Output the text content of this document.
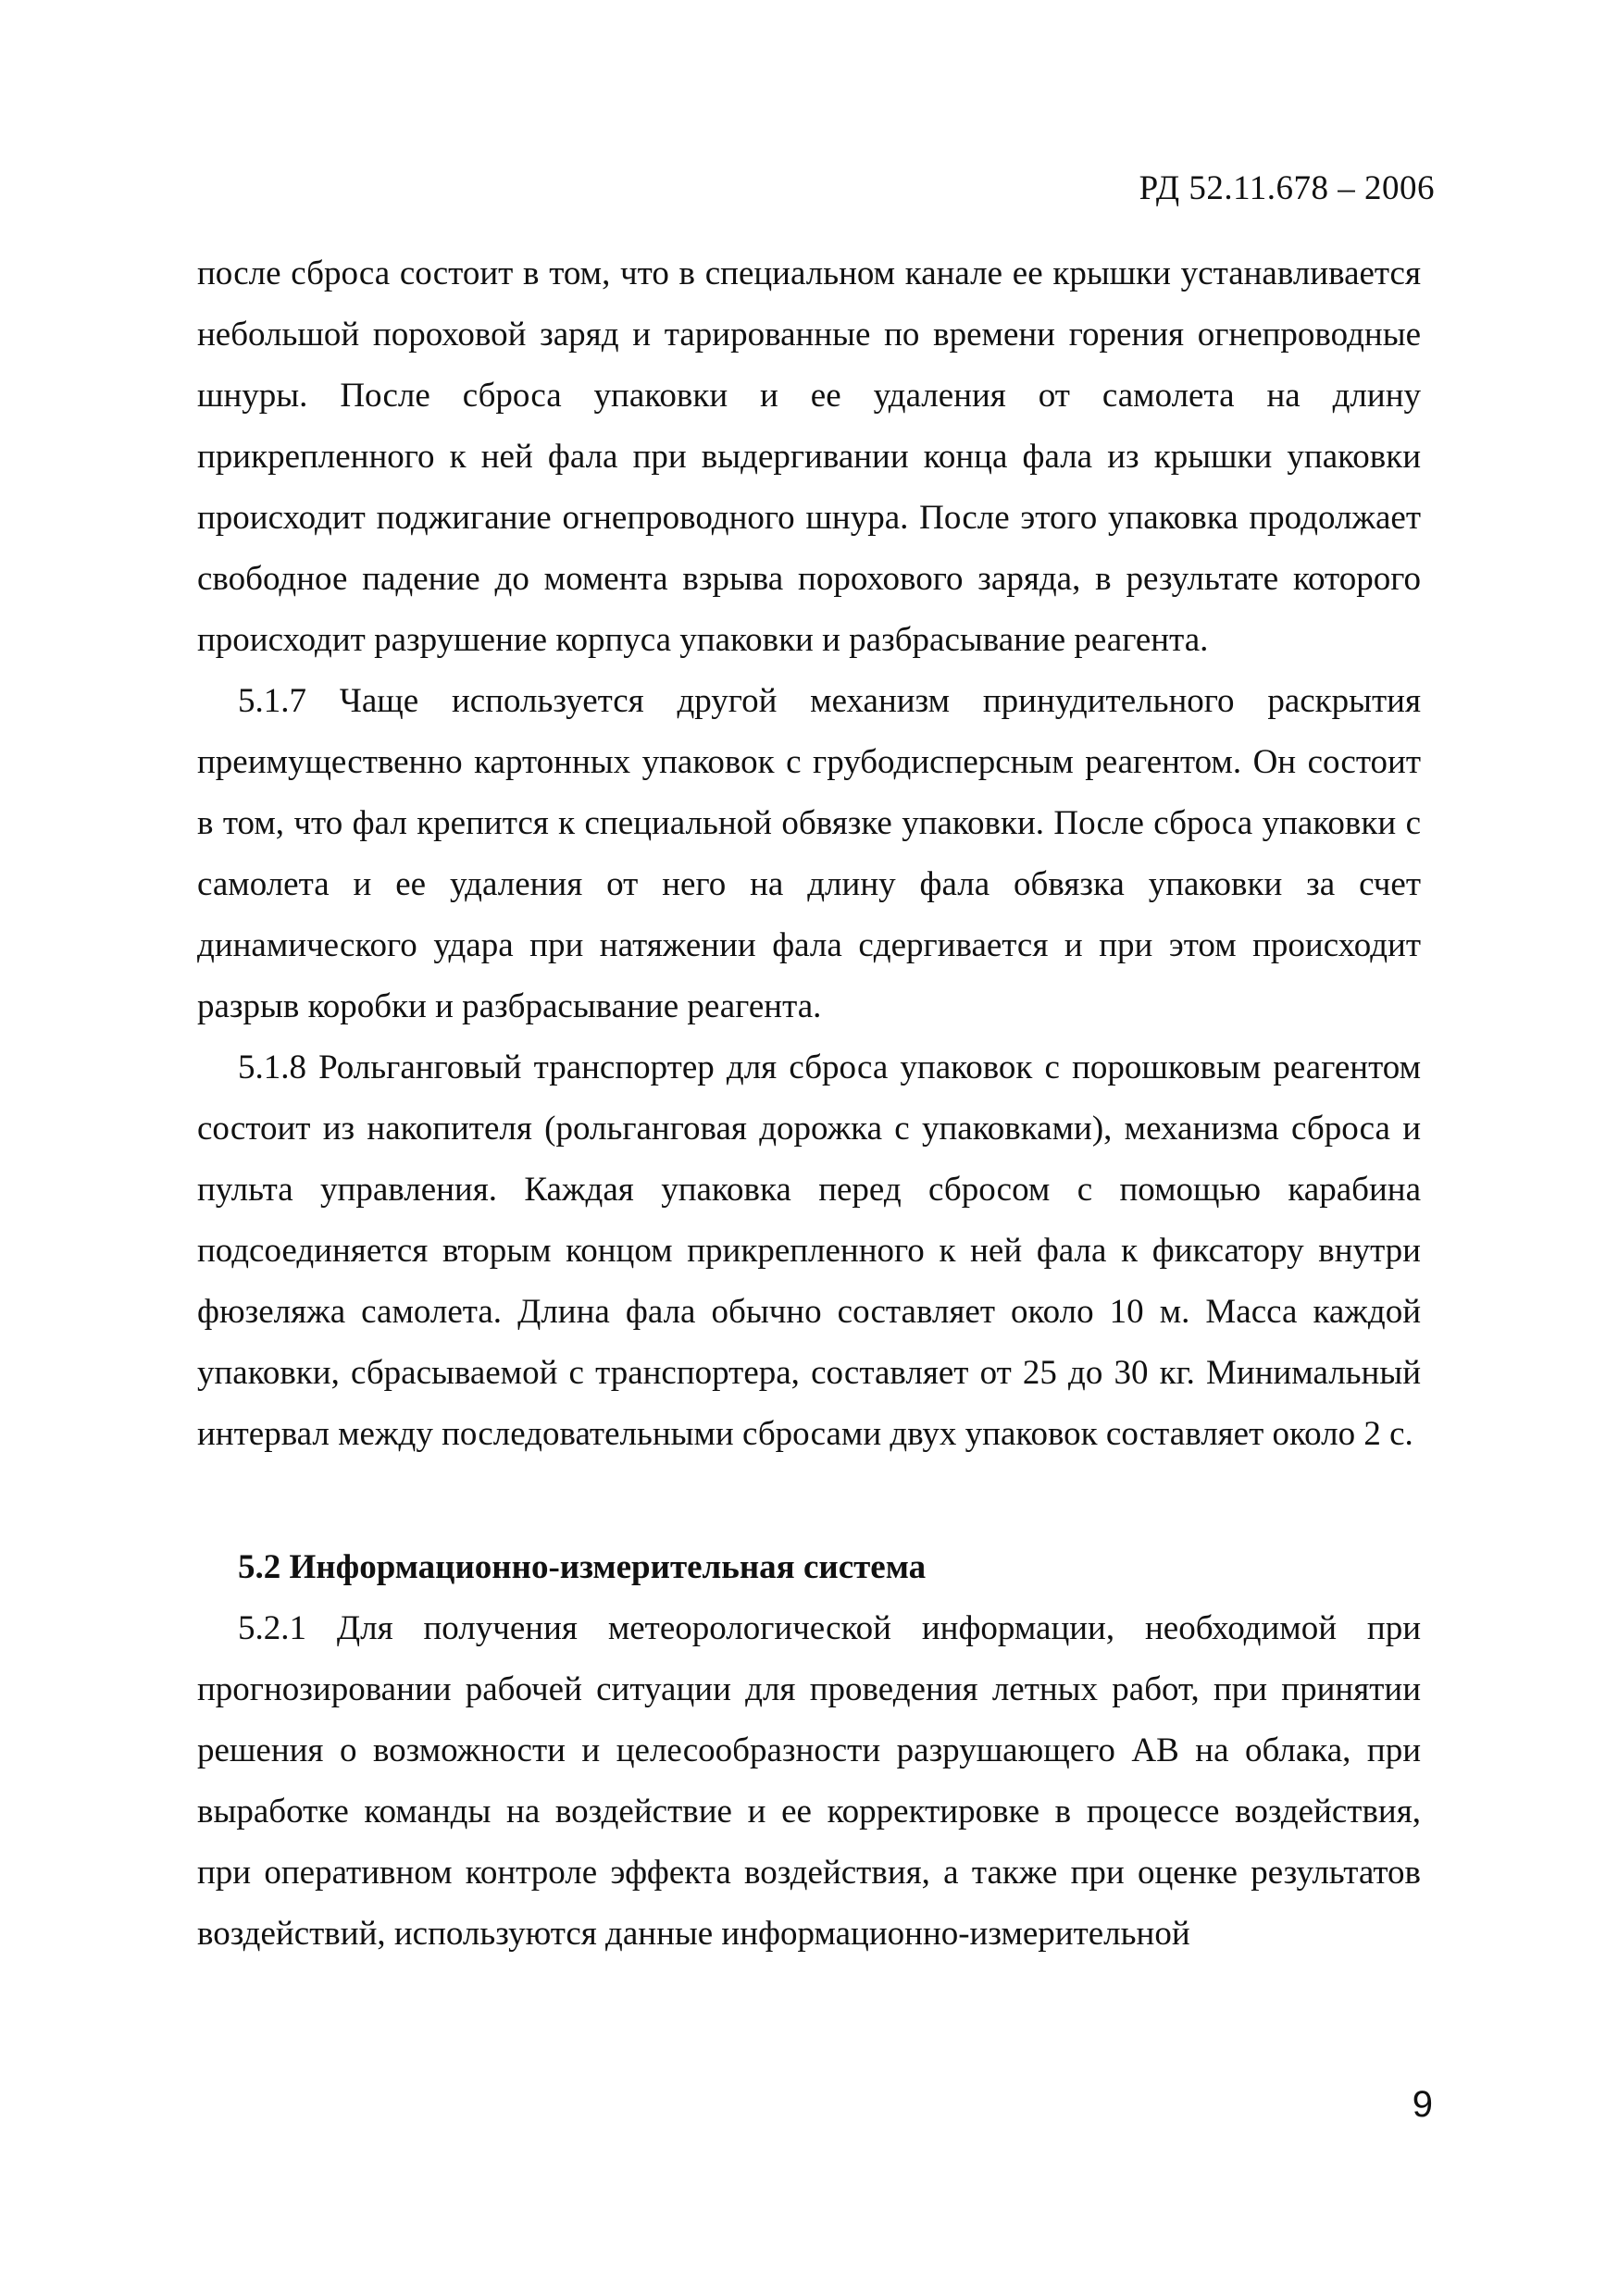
РД 52.11.678 – 2006

после сброса состоит в том, что в специальном канале ее крышки устанавливается небольшой пороховой заряд и тарированные по времени горения огнепроводные шнуры. После сброса упаковки и ее удаления от самолета на длину прикрепленного к ней фала при выдергивании конца фала из крышки упаковки происходит поджигание огнепроводного шнура. После этого упаковка продолжает свободное падение до момента взрыва порохового заряда, в результате которого происходит разрушение корпуса упаковки и разбрасывание реагента.

5.1.7 Чаще используется другой механизм принудительного раскрытия преимущественно картонных упаковок с грубодисперсным реагентом. Он состоит в том, что фал крепится к специальной обвязке упаковки. После сброса упаковки с самолета и ее удаления от него на длину фала обвязка упаковки за счет динамического удара при натяжении фала сдергивается и при этом происходит разрыв коробки и разбрасывание реагента.

5.1.8 Рольганговый транспортер для сброса упаковок с порошковым реагентом состоит из накопителя (рольганговая дорожка с упаковками), механизма сброса и пульта управления. Каждая упаковка перед сбросом с помощью карабина подсоединяется вторым концом прикрепленного к ней фала к фиксатору внутри фюзеляжа самолета. Длина фала обычно составляет около 10 м. Масса каждой упаковки, сбрасываемой с транспортера, составляет от 25 до 30 кг. Минимальный интервал между последовательными сбросами двух упаковок составляет около 2 с.

5.2 Информационно-измерительная система

5.2.1 Для получения метеорологической информации, необходимой при прогнозировании рабочей ситуации для проведения летных работ, при принятии решения о возможности и целесообразности разрушающего АВ на облака, при выработке команды на воздействие и ее корректировке в процессе воздействия, при оперативном контроле эффекта воздействия, а также при оценке результатов воздействий, используются данные информационно-измерительной

9
